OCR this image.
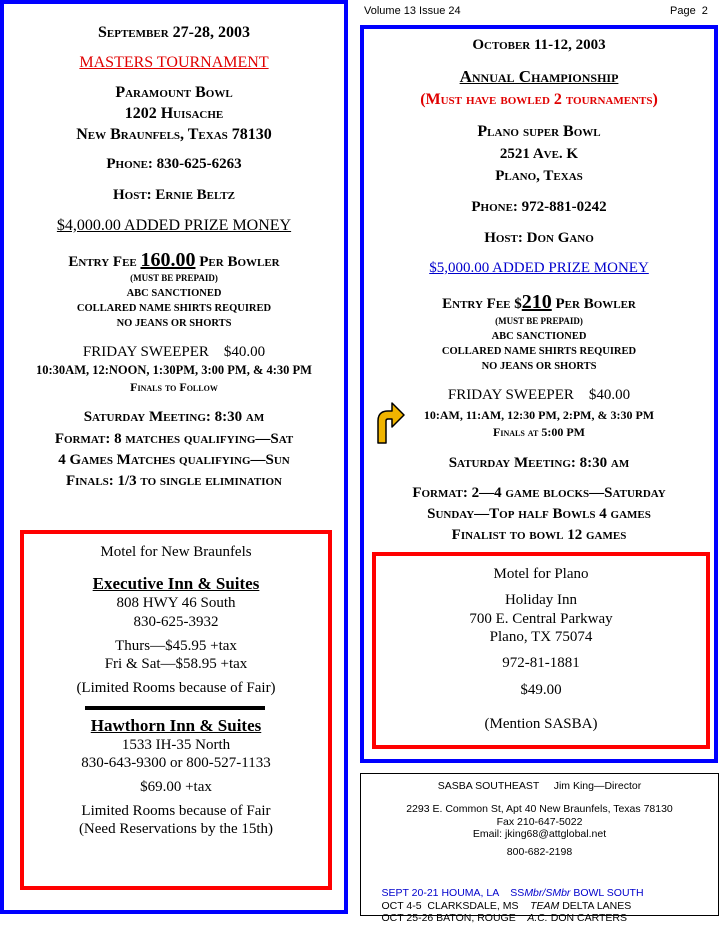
September 27-28, 2003
MASTERS TOURNAMENT
Paramount Bowl
1202 Huisache
New Braunfels, Texas 78130
Phone: 830-625-6263
Host: Ernie Beltz
$4,000.00 ADDED PRIZE MONEY
Entry Fee 160.00 Per Bowler
(MUST BE PREPAID)
ABC SANCTIONED
COLLARED NAME SHIRTS REQUIRED
NO JEANS OR SHORTS
FRIDAY SWEEPER    $40.00
10:30AM, 12:NOON, 1:30PM, 3:00 PM, & 4:30 PM
Finals to Follow
Saturday Meeting: 8:30 am
Format: 8 matches qualifying—Sat
4 Games Matches qualifying—Sun
Finals: 1/3 to single elimination
Motel for New Braunfels
Executive Inn & Suites
808 HWY 46 South
830-625-3932
Thurs—$45.95 +tax
Fri & Sat—$58.95 +tax
(Limited Rooms because of Fair)
Hawthorn Inn & Suites
1533 IH-35 North
830-643-9300 or 800-527-1133
$69.00 +tax
Limited Rooms because of Fair
(Need Reservations by the 15th)
Volume 13 Issue 24	Page  2
October 11-12, 2003
Annual Championship
(Must have bowled 2 tournaments)
Plano super Bowl
2521 Ave. K
Plano, Texas
Phone: 972-881-0242
Host: Don Gano
$5,000.00 ADDED PRIZE MONEY
Entry Fee $210 Per Bowler
(MUST BE PREPAID)
ABC SANCTIONED
COLLARED NAME SHIRTS REQUIRED
NO JEANS OR SHORTS
FRIDAY SWEEPER    $40.00
10:AM, 11:AM, 12:30 PM, 2:PM, & 3:30 PM
Finals at 5:00 PM
Saturday Meeting: 8:30 am
Format: 2—4 game blocks—Saturday
Sunday—Top half Bowls 4 games
Finalist to bowl 12 games
Motel for Plano
Holiday Inn
700 E. Central Parkway
Plano, TX 75074
972-81-1881
$49.00
(Mention SASBA)
SASBA SOUTHEAST     Jim King—Director
2293 E. Common St, Apt 40 New Braunfels, Texas 78130
Fax 210-647-5022
Email: jking68@attglobal.net
800-682-2198

SEPT 20-21 HOUMA, LA SSMbr/SMbr BOWL SOUTH

OCT 4-5  CLARKSDALE, MS TEAM DELTA LANES

OCT 25-26 BATON, ROUGE A.C. DON CARTERS
